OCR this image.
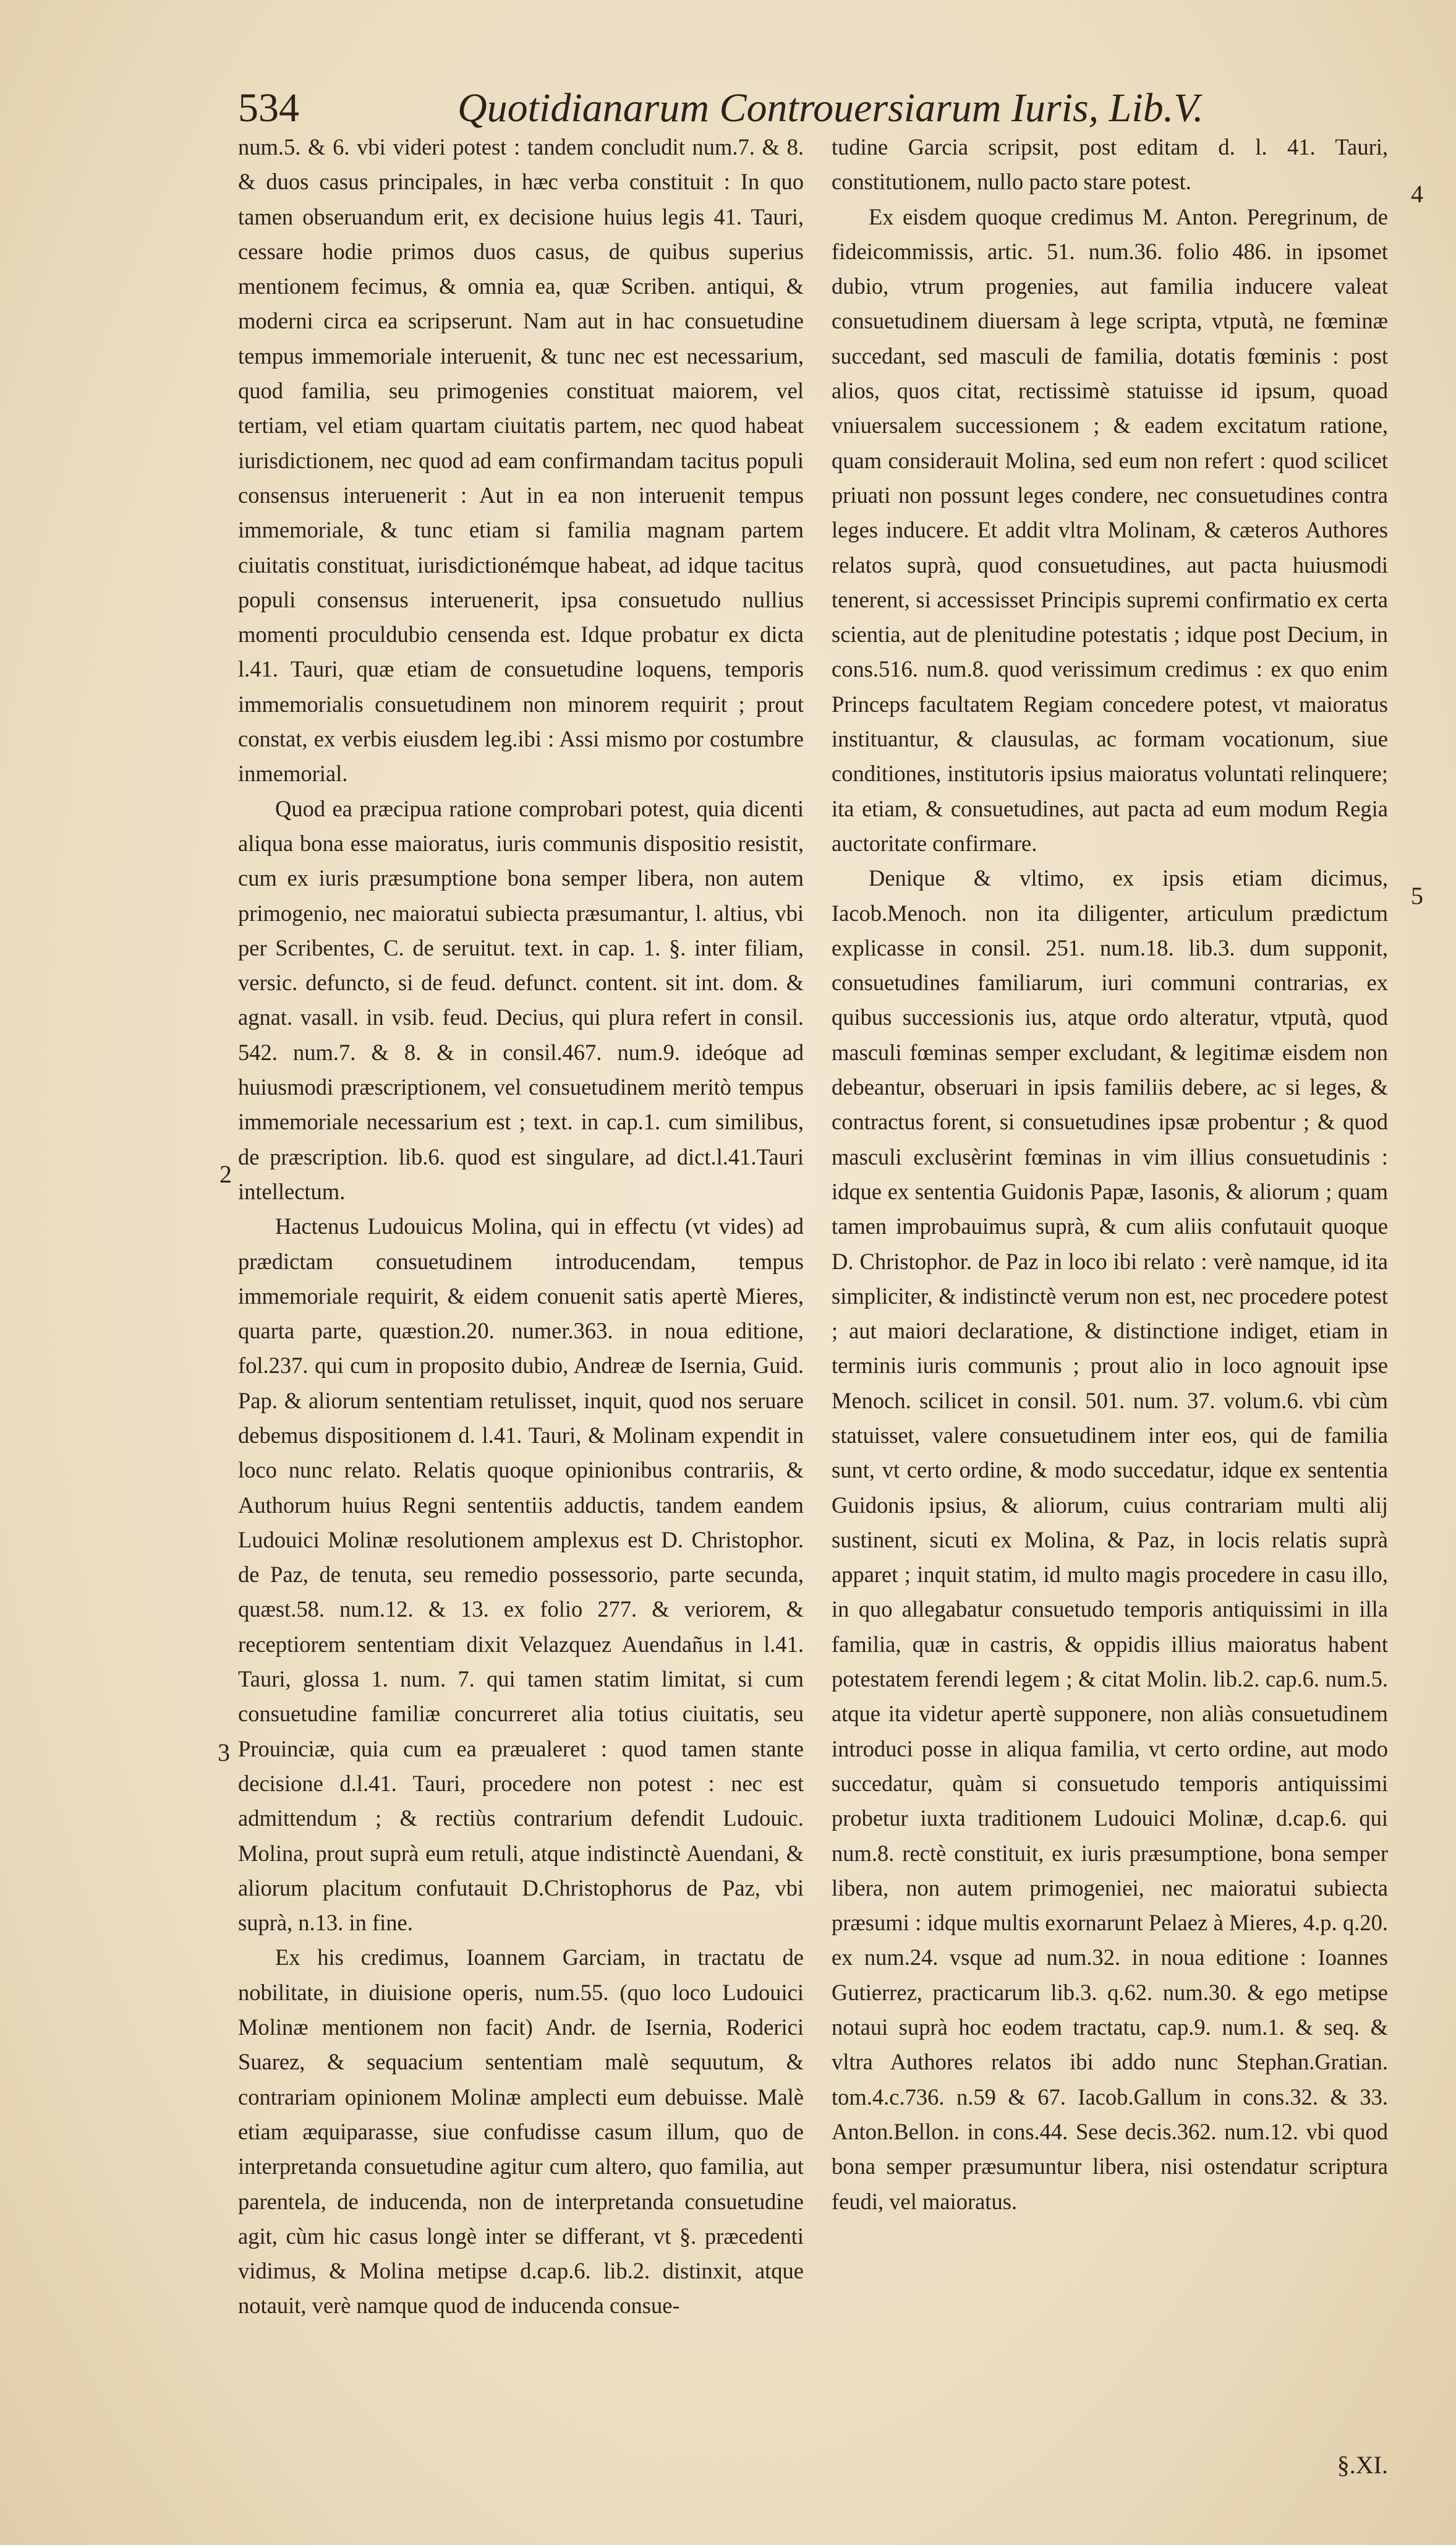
534	Quotidianarum Controuersiarum Iuris, Lib.V.

num.5. & 6. vbi videri potest : tandem concludit num.7. & 8. & duos casus principales, in hæc verba constituit : In quo tamen obseruandum erit, ex decisione huius legis 41. Tauri, cessare hodie primos duos casus, de quibus superius mentionem fecimus, & omnia ea, quæ Scriben. antiqui, & moderni circa ea scripserunt. Nam aut in hac consuetudine tempus immemoriale interuenit, & tunc nec est necessarium, quod familia, seu primogenies constituat maiorem, vel tertiam, vel etiam quartam ciuitatis partem, nec quod habeat iurisdictionem, nec quod ad eam confirmandam tacitus populi consensus interuenerit : Aut in ea non interuenit tempus immemoriale, & tunc etiam si familia magnam partem ciuitatis constituat, iurisdictionémque habeat, ad idque tacitus populi consensus interuenerit, ipsa consuetudo nullius momenti proculdubio censenda est. Idque probatur ex dicta l.41. Tauri, quæ etiam de consuetudine loquens, temporis immemorialis consuetudinem non minorem requirit ; prout constat, ex verbis eiusdem leg.ibi : Assi mismo por costumbre inmemorial.

Quod ea præcipua ratione comprobari potest, quia dicenti aliqua bona esse maioratus, iuris communis dispositio resistit, cum ex iuris præsumptione bona semper libera, non autem primogenio, nec maioratui subiecta præsumantur, l. altius, vbi per Scribentes, C. de seruitut. text. in cap. 1. §. inter filiam, versic. defuncto, si de feud. defunct. content. sit int. dom. & agnat. vasall. in vsib. feud. Decius, qui plura refert in consil. 542. num.7. & 8. & in consil.467. num.9. ideóque ad huiusmodi præscriptionem, vel consuetudinem meritò tempus immemoriale necessarium est ; text. in cap.1. cum similibus, de præscription. lib.6. quod est singulare, ad dict.l.41.Tauri intellectum.

Hactenus Ludouicus Molina, qui in effectu (vt vides) ad prædictam consuetudinem introducendam, tempus immemoriale requirit, & eidem conuenit satis apertè Mieres, quarta parte, quæstion.20. numer.363. in noua editione, fol.237. qui cum in proposito dubio, Andreæ de Isernia, Guid. Pap. & aliorum sententiam retulisset, inquit, quod nos seruare debemus dispositionem d. l.41. Tauri, & Molinam expendit in loco nunc relato. Relatis quoque opinionibus contrariis, & Authorum huius Regni sententiis adductis, tandem eandem Ludouici Molinæ resolutionem amplexus est D. Christophor. de Paz, de tenuta, seu remedio possessorio, parte secunda, quæst.58. num.12. & 13. ex folio 277. & veriorem, & receptiorem sententiam dixit Velazquez Auendañus in l.41. Tauri, glossa 1. num. 7. qui tamen statim limitat, si cum consuetudine familiæ concurreret alia totius ciuitatis, seu Prouinciæ, quia cum ea præualeret : quod tamen stante decisione d.l.41. Tauri, procedere non potest : nec est admittendum ; & rectiùs contrarium defendit Ludouic. Molina, prout suprà eum retuli, atque indistinctè Auendani, & aliorum placitum confutauit D.Christophorus de Paz, vbi suprà, n.13. in fine.

Ex his credimus, Ioannem Garciam, in tractatu de nobilitate, in diuisione operis, num.55. (quo loco Ludouici Molinæ mentionem non facit) Andr. de Isernia, Roderici Suarez, & sequacium sententiam malè sequutum, & contrariam opinionem Molinæ amplecti eum debuisse. Malè etiam æquiparasse, siue confudisse casum illum, quo de interpretanda consuetudine agitur cum altero, quo familia, aut parentela, de inducenda, non de interpretanda consuetudine agit, cùm hic casus longè inter se differant, vt §. præcedenti vidimus, & Molina metipse d.cap.6. lib.2. distinxit, atque notauit, verè namque quod de inducenda consue-

tudine Garcia scripsit, post editam d. l. 41. Tauri, constitutionem, nullo pacto stare potest.

Ex eisdem quoque credimus M. Anton. Peregrinum, de fideicommissis, artic. 51. num.36. folio 486. in ipsomet dubio, vtrum progenies, aut familia inducere valeat consuetudinem diuersam à lege scripta, vtputà, ne fœminæ succedant, sed masculi de familia, dotatis fœminis : post alios, quos citat, rectissimè statuisse id ipsum, quoad vniuersalem successionem ; & eadem excitatum ratione, quam considerauit Molina, sed eum non refert : quod scilicet priuati non possunt leges condere, nec consuetudines contra leges inducere. Et addit vltra Molinam, & cæteros Authores relatos suprà, quod consuetudines, aut pacta huiusmodi tenerent, si accessisset Principis supremi confirmatio ex certa scientia, aut de plenitudine potestatis ; idque post Decium, in cons.516. num.8. quod verissimum credimus : ex quo enim Princeps facultatem Regiam concedere potest, vt maioratus instituantur, & clausulas, ac formam vocationum, siue conditiones, institutoris ipsius maioratus voluntati relinquere; ita etiam, & consuetudines, aut pacta ad eum modum Regia auctoritate confirmare.

Denique & vltimo, ex ipsis etiam dicimus, Iacob.Menoch. non ita diligenter, articulum prædictum explicasse in consil. 251. num.18. lib.3. dum supponit, consuetudines familiarum, iuri communi contrarias, ex quibus successionis ius, atque ordo alteratur, vtputà, quod masculi fœminas semper excludant, & legitimæ eisdem non debeantur, obseruari in ipsis familiis debere, ac si leges, & contractus forent, si consuetudines ipsæ probentur ; & quod masculi exclusèrint fœminas in vim illius consuetudinis : idque ex sententia Guidonis Papæ, Iasonis, & aliorum ; quam tamen improbauimus suprà, & cum aliis confutauit quoque D. Christophor. de Paz in loco ibi relato : verè namque, id ita simpliciter, & indistinctè verum non est, nec procedere potest ; aut maiori declaratione, & distinctione indiget, etiam in terminis iuris communis ; prout alio in loco agnouit ipse Menoch. scilicet in consil. 501. num. 37. volum.6. vbi cùm statuisset, valere consuetudinem inter eos, qui de familia sunt, vt certo ordine, & modo succedatur, idque ex sententia Guidonis ipsius, & aliorum, cuius contrariam multi alij sustinent, sicuti ex Molina, & Paz, in locis relatis suprà apparet ; inquit statim, id multo magis procedere in casu illo, in quo allegabatur consuetudo temporis antiquissimi in illa familia, quæ in castris, & oppidis illius maioratus habent potestatem ferendi legem ; & citat Molin. lib.2. cap.6. num.5. atque ita videtur apertè supponere, non aliàs consuetudinem introduci posse in aliqua familia, vt certo ordine, aut modo succedatur, quàm si consuetudo temporis antiquissimi probetur iuxta traditionem Ludouici Molinæ, d.cap.6. qui num.8. rectè constituit, ex iuris præsumptione, bona semper libera, non autem primogeniei, nec maioratui subiecta præsumi : idque multis exornarunt Pelaez à Mieres, 4.p. q.20. ex num.24. vsque ad num.32. in noua editione : Ioannes Gutierrez, practicarum lib.3. q.62. num.30. & ego metipse notaui suprà hoc eodem tractatu, cap.9. num.1. & seq. & vltra Authores relatos ibi addo nunc Stephan.Gratian. tom.4.c.736. n.59 & 67. Iacob.Gallum in cons.32. & 33. Anton.Bellon. in cons.44. Sese decis.362. num.12. vbi quod bona semper præsumuntur libera, nisi ostendatur scriptura feudi, vel maioratus.

2
3
4
5
§.XI.
